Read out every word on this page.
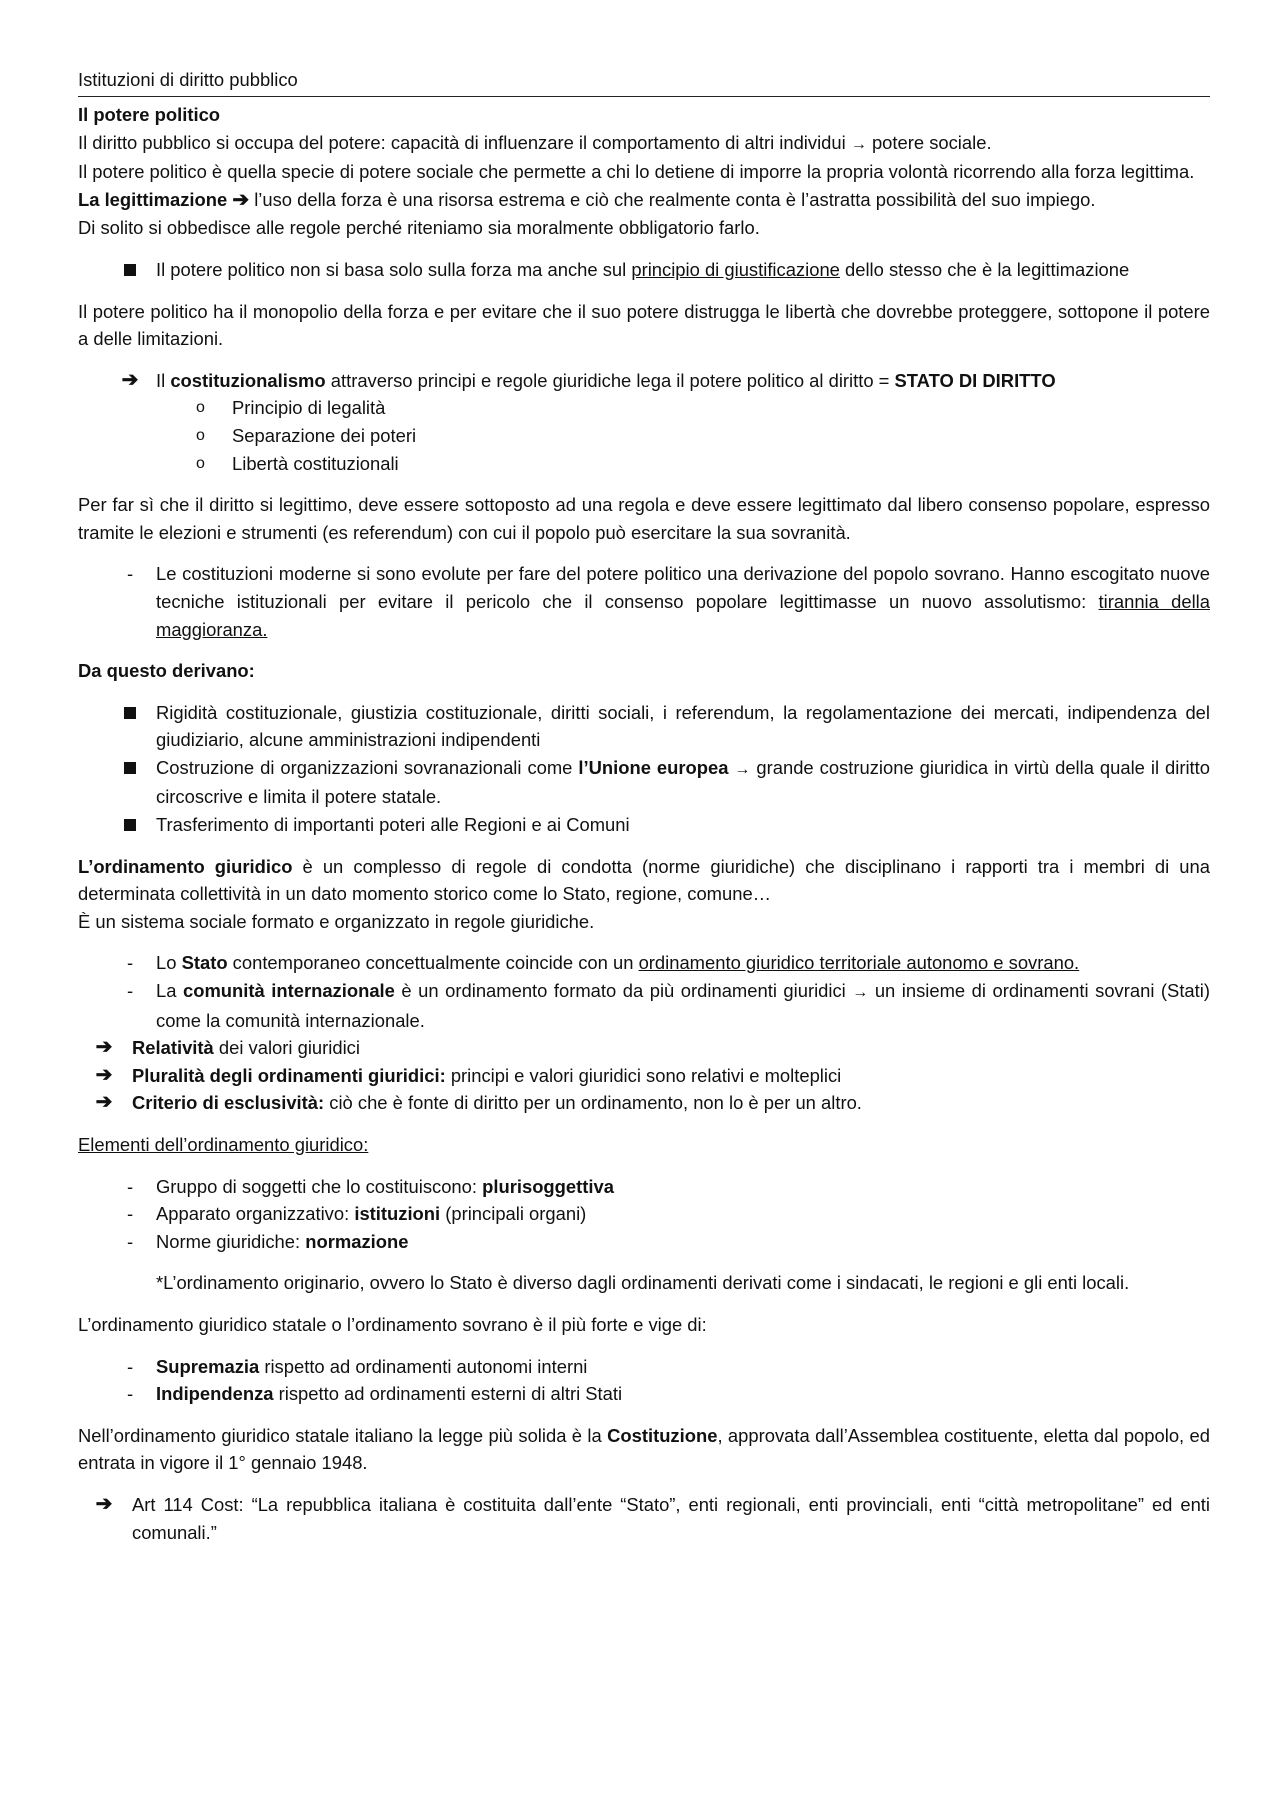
Istituzioni di diritto pubblico

Il potere politico

Il diritto pubblico si occupa del potere: capacità di influenzare il comportamento di altri individui → potere sociale.

Il potere politico è quella specie di potere sociale che permette a chi lo detiene di imporre la propria volontà ricorrendo alla forza legittima.

La legittimazione ➔ l’uso della forza è una risorsa estrema e ciò che realmente conta è l’astratta possibilità del suo impiego.

Di solito si obbedisce alle regole perché riteniamo sia moralmente obbligatorio farlo.

Il potere politico non si basa solo sulla forza ma anche sul principio di giustificazione dello stesso che è la legittimazione

Il potere politico ha il monopolio della forza e per evitare che il suo potere distrugga le libertà che dovrebbe proteggere, sottopone il potere a delle limitazioni.

➔ Il costituzionalismo attraverso principi e regole giuridiche lega il potere politico al diritto = STATO DI DIRITTO
o Principio di legalità
o Separazione dei poteri
o Libertà costituzionali

Per far sì che il diritto si legittimo, deve essere sottoposto ad una regola e deve essere legittimato dal libero consenso popolare, espresso tramite le elezioni e strumenti (es referendum) con cui il popolo può esercitare la sua sovranità.

-	Le costituzioni moderne si sono evolute per fare del potere politico una derivazione del popolo sovrano. Hanno escogitato nuove tecniche istituzionali per evitare il pericolo che il consenso popolare legittimasse un nuovo assolutismo: tirannia della maggioranza.

Da questo derivano:

Rigidità costituzionale, giustizia costituzionale, diritti sociali, i referendum, la regolamentazione dei mercati, indipendenza del giudiziario, alcune amministrazioni indipendenti
Costruzione di organizzazioni sovranazionali come l’Unione europea → grande costruzione giuridica in virtù della quale il diritto circoscrive e limita il potere statale.
Trasferimento di importanti poteri alle Regioni e ai Comuni

L’ordinamento giuridico è un complesso di regole di condotta (norme giuridiche) che disciplinano i rapporti tra i membri di una determinata collettività in un dato momento storico come lo Stato, regione, comune…

È un sistema sociale formato e organizzato in regole giuridiche.

-	Lo Stato contemporaneo concettualmente coincide con un ordinamento giuridico territoriale autonomo e sovrano.
-	La comunità internazionale è un ordinamento formato da più ordinamenti giuridici → un insieme di ordinamenti sovrani (Stati) come la comunità internazionale.
➔ Relatività dei valori giuridici
➔ Pluralità degli ordinamenti giuridici: principi e valori giuridici sono relativi e molteplici
➔ Criterio di esclusività: ciò che è fonte di diritto per un ordinamento, non lo è per un altro.

Elementi dell’ordinamento giuridico:

-	Gruppo di soggetti che lo costituiscono: plurisoggettiva
-	Apparato organizzativo: istituzioni (principali organi)
-	Norme giuridiche: normazione

*L’ordinamento originario, ovvero lo Stato è diverso dagli ordinamenti derivati come i sindacati, le regioni e gli enti locali.

L’ordinamento giuridico statale o l’ordinamento sovrano è il più forte e vige di:

-	Supremazia rispetto ad ordinamenti autonomi interni
-	Indipendenza rispetto ad ordinamenti esterni di altri Stati

Nell’ordinamento giuridico statale italiano la legge più solida è la Costituzione, approvata dall’Assemblea costituente, eletta dal popolo, ed entrata in vigore il 1° gennaio 1948.

➔ Art 114 Cost: “La repubblica italiana è costituita dall’ente “Stato”, enti regionali, enti provinciali, enti “città metropolitane” ed enti comunali.”
